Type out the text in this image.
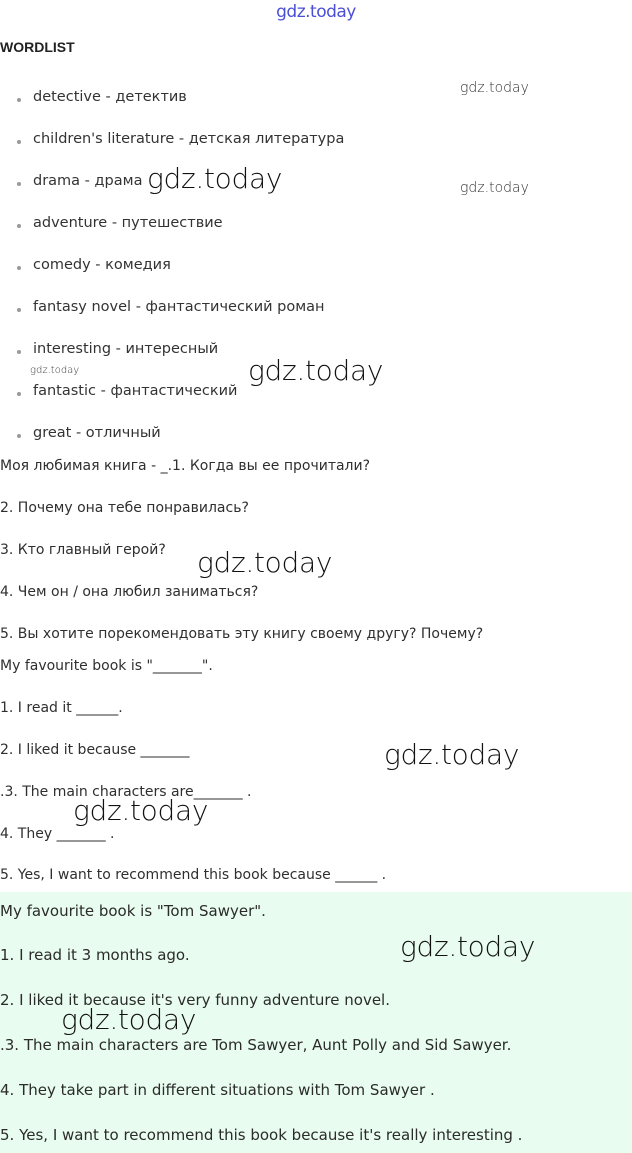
gdz.today
WORDLIST
detective - детектив
children's literature - детская литература
drama - драма
adventure - путешествие
comedy - комедия
fantasy novel - фантастический роман
interesting - интересный
fantastic - фантастический
great - отличный
Моя любимая книга - _.1. Когда вы ее прочитали?
2. Почему она тебе понравилась?
3. Кто главный герой?
4. Чем он / она любил заниматься?
5. Вы хотите порекомендовать эту книгу своему другу? Почему?
My favourite book is "_______".
1. I read it ______.
2. I liked it because _______
.3. The main characters are_______ .
4. They _______ .
5. Yes, I want to recommend this book because ______ .
My favourite book is "Tom Sawyer".
1. I read it 3 months ago.
2. I liked it because it's very funny adventure novel.
.3. The main characters are Tom Sawyer, Aunt Polly and Sid Sawyer.
4. They take part in different situations with Tom Sawyer .
5. Yes, I want to recommend this book because it's really interesting .
gdz.today
gdz.today
gdz.today
gdz.today	gdz.today
gdz.today
gdz.today
gdz.today
gdz.today
gdz.today
